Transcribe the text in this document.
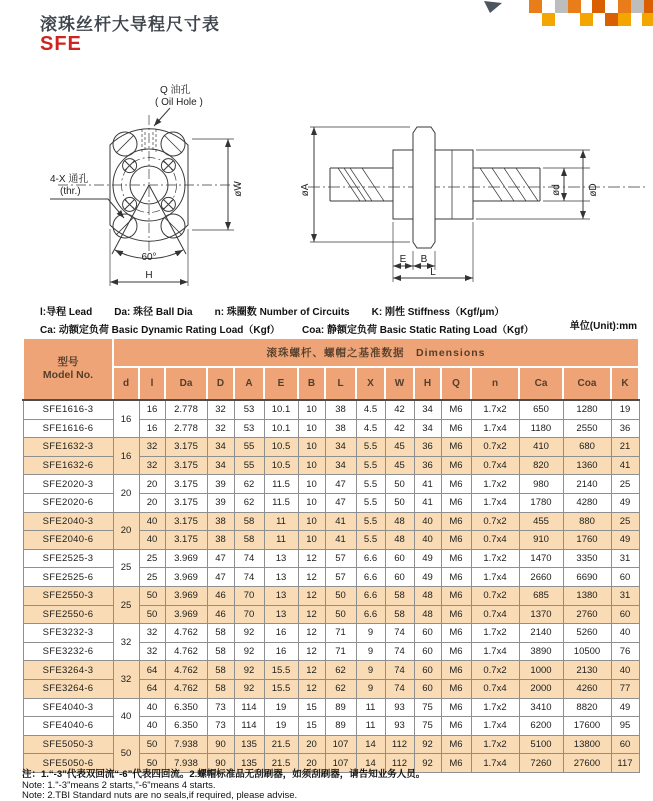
滚珠丝杆大导程尺寸表
SFE
Q 油孔
( Oil Hole )
4-X 通孔
(thr.)	øW
60°
H
øA	ød	øD
E B
L
l:导程 Lead Da: 珠径 Ball Dia n: 珠圈数 Number of Circuits K: 刚性 Stiffness（Kgf/μm）
Ca: 动额定负荷 Basic Dynamic Rating Load（Kgf） Coa: 静额定负荷 Basic Static Rating Load（Kgf）	单位(Unit):mm
型号
Model No.	滚珠螺杆、螺帽之基准数据　Dimensions															
	d	l	Da	D	A	E	B	L	X	W	H	Q	n	Ca	Coa	K
SFE1616-3	16	16	2.778	32	53	10.1	10	38	4.5	42	34	M6	1.7x2	650	1280	19
SFE1616-6		16	2.778	32	53	10.1	10	38	4.5	42	34	M6	1.7x4	1180	2550	36
SFE1632-3	16	32	3.175	34	55	10.5	10	34	5.5	45	36	M6	0.7x2	410	680	21
SFE1632-6		32	3.175	34	55	10.5	10	34	5.5	45	36	M6	0.7x4	820	1360	41
SFE2020-3	20	20	3.175	39	62	11.5	10	47	5.5	50	41	M6	1.7x2	980	2140	25
SFE2020-6		20	3.175	39	62	11.5	10	47	5.5	50	41	M6	1.7x4	1780	4280	49
SFE2040-3	20	40	3.175	38	58	11	10	41	5.5	48	40	M6	0.7x2	455	880	25
SFE2040-6		40	3.175	38	58	11	10	41	5.5	48	40	M6	0.7x4	910	1760	49
SFE2525-3	25	25	3.969	47	74	13	12	57	6.6	60	49	M6	1.7x2	1470	3350	31
SFE2525-6		25	3.969	47	74	13	12	57	6.6	60	49	M6	1.7x4	2660	6690	60
SFE2550-3	25	50	3.969	46	70	13	12	50	6.6	58	48	M6	0.7x2	685	1380	31
SFE2550-6		50	3.969	46	70	13	12	50	6.6	58	48	M6	0.7x4	1370	2760	60
SFE3232-3	32	32	4.762	58	92	16	12	71	9	74	60	M6	1.7x2	2140	5260	40
SFE3232-6		32	4.762	58	92	16	12	71	9	74	60	M6	1.7x4	3890	10500	76
SFE3264-3	32	64	4.762	58	92	15.5	12	62	9	74	60	M6	0.7x2	1000	2130	40
SFE3264-6		64	4.762	58	92	15.5	12	62	9	74	60	M6	0.7x4	2000	4260	77
SFE4040-3	40	40	6.350	73	114	19	15	89	11	93	75	M6	1.7x2	3410	8820	49
SFE4040-6		40	6.350	73	114	19	15	89	11	93	75	M6	1.7x4	6200	17600	95
SFE5050-3	50	50	7.938	90	135	21.5	20	107	14	112	92	M6	1.7x2	5100	13800	60
SFE5050-6		50	7.938	90	135	21.5	20	107	14	112	92	M6	1.7x4	7260	27600	117
注：1.“-3”代表双回流“-6”代表四回流。2.螺帽标准品无刮刷器，如须刮刷器，请告知业务人员。
Note: 1."-3"means 2 starts,"-6"means 4 starts.
Note: 2.TBI Standard nuts are no seals,if required, please advise.
